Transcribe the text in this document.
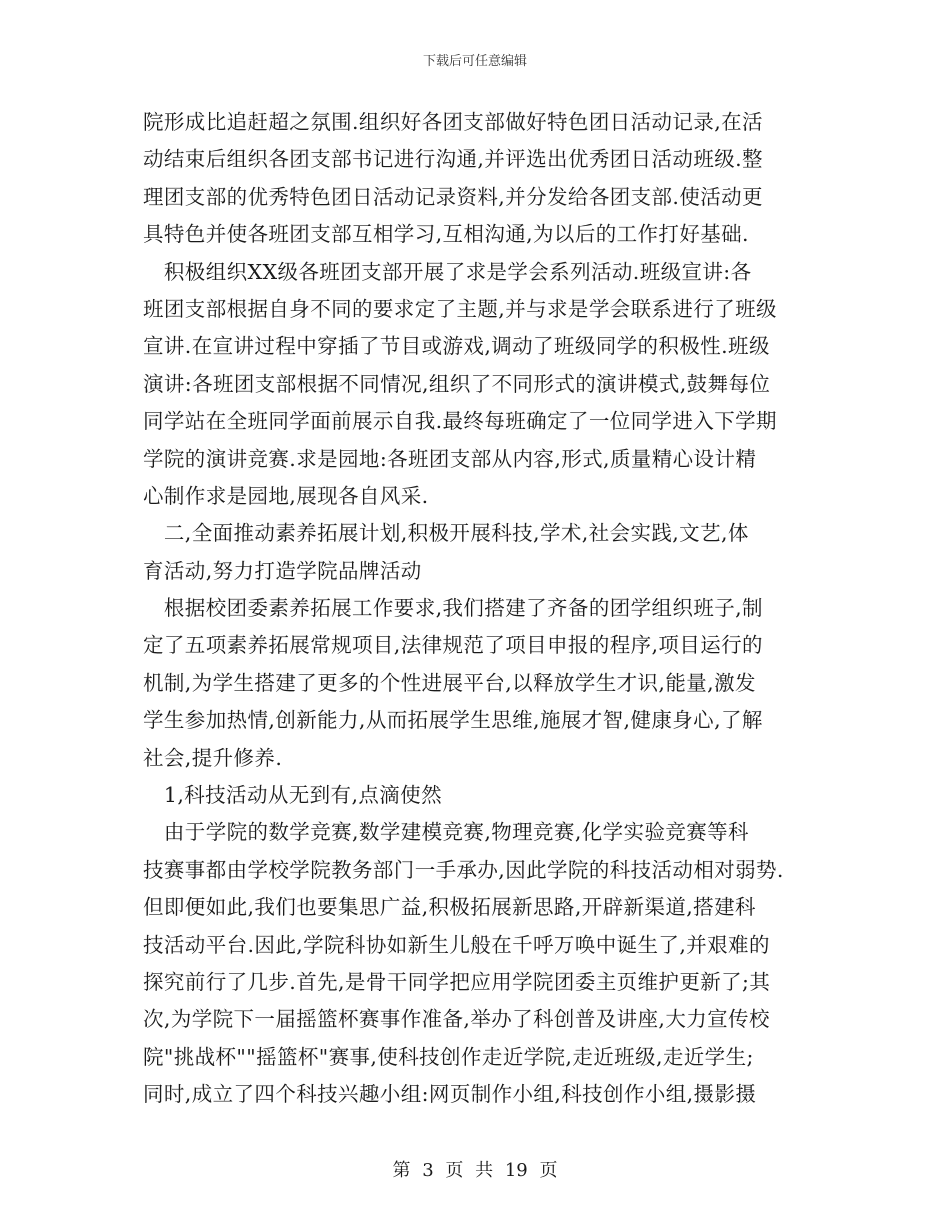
下载后可任意编辑
院形成比追赶超之氛围.组织好各团支部做好特色团日活动记录,在活
动结束后组织各团支部书记进行沟通,并评选出优秀团日活动班级.整
理团支部的优秀特色团日活动记录资料,并分发给各团支部.使活动更
具特色并使各班团支部互相学习,互相沟通,为以后的工作打好基础.
　积极组织XX级各班团支部开展了求是学会系列活动.班级宣讲:各
班团支部根据自身不同的要求定了主题,并与求是学会联系进行了班级
宣讲.在宣讲过程中穿插了节目或游戏,调动了班级同学的积极性.班级
演讲:各班团支部根据不同情况,组织了不同形式的演讲模式,鼓舞每位
同学站在全班同学面前展示自我.最终每班确定了一位同学进入下学期
学院的演讲竞赛.求是园地:各班团支部从内容,形式,质量精心设计精
心制作求是园地,展现各自风采.
　二,全面推动素养拓展计划,积极开展科技,学术,社会实践,文艺,体
育活动,努力打造学院品牌活动
　根据校团委素养拓展工作要求,我们搭建了齐备的团学组织班子,制
定了五项素养拓展常规项目,法律规范了项目申报的程序,项目运行的
机制,为学生搭建了更多的个性进展平台,以释放学生才识,能量,激发
学生参加热情,创新能力,从而拓展学生思维,施展才智,健康身心,了解
社会,提升修养.
　1,科技活动从无到有,点滴使然
　由于学院的数学竞赛,数学建模竞赛,物理竞赛,化学实验竞赛等科
技赛事都由学校学院教务部门一手承办,因此学院的科技活动相对弱势.
但即便如此,我们也要集思广益,积极拓展新思路,开辟新渠道,搭建科
技活动平台.因此,学院科协如新生儿般在千呼万唤中诞生了,并艰难的
探究前行了几步.首先,是骨干同学把应用学院团委主页维护更新了;其
次,为学院下一届摇篮杯赛事作准备,举办了科创普及讲座,大力宣传校
院"挑战杯""摇篮杯"赛事,使科技创作走近学院,走近班级,走近学生;
同时,成立了四个科技兴趣小组:网页制作小组,科技创作小组,摄影摄
第 3 页 共 19 页
